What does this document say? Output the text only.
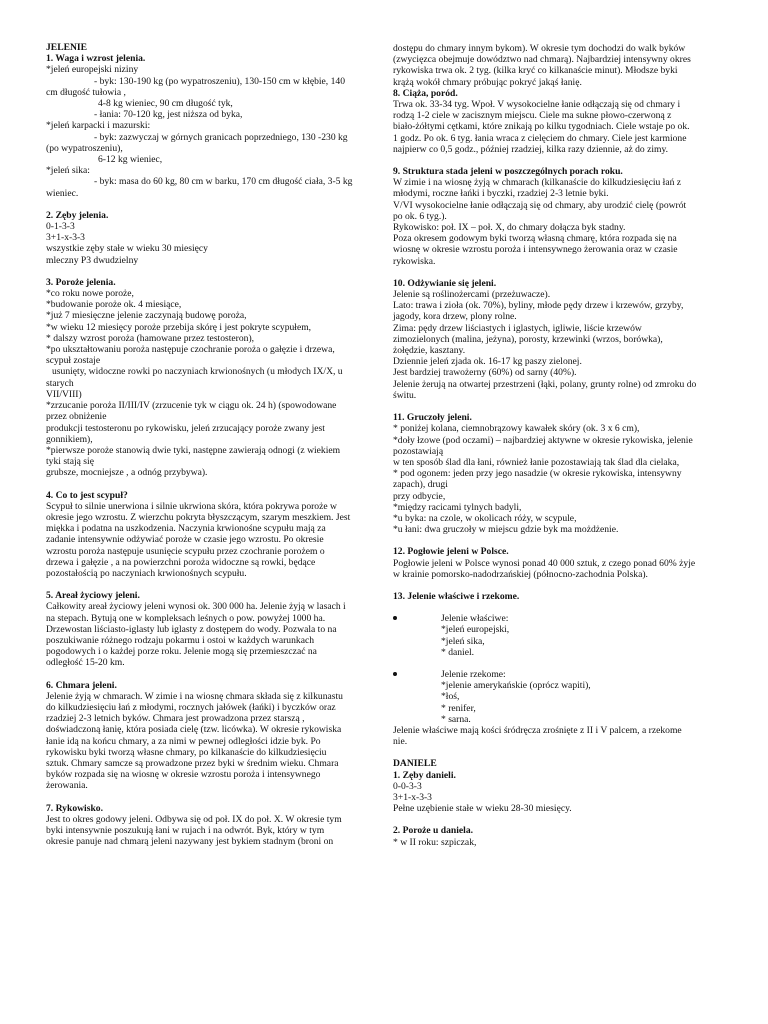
JELENIE
1. Waga i wzrost jelenia.
*jeleń europejski niziny
- byk: 130-190 kg (po wypatroszeniu), 130-150 cm w kłębie, 140
cm długość tułowia ,
4-8 kg wieniec, 90 cm długość tyk,
- łania: 70-120 kg, jest niższa od byka,
*jeleń karpacki i mazurski:
- byk: zazwyczaj w górnych granicach poprzedniego, 130 -230 kg
(po wypatroszeniu),
6-12 kg wieniec,
*jeleń sika:
- byk: masa do 60 kg, 80 cm w barku, 170 cm długość ciała, 3-5 kg
wieniec.
2. Zęby jelenia.
0-1-3-3
3+1-x-3-3
wszystkie zęby stałe w wieku 30 miesięcy
mleczny P3 dwudzielny
3. Poroże jelenia.
*co roku nowe poroże,
*budowanie poroże ok. 4 miesiące,
*już 7 miesięczne jelenie zaczynają budowę poroża,
*w wieku 12 miesięcy poroże przebija skórę i jest pokryte scypułem,
* dalszy wzrost poroża (hamowane przez testosteron),
*po ukształtowaniu poroża następuje czochranie poroża o gałęzie i drzewa,
scypuł zostaje
usunięty, widoczne rowki po naczyniach krwionośnych (u młodych IX/X, u
starych
VII/VIII)
*zrzucanie poroża II/III/IV (zrzucenie tyk w ciągu ok. 24 h) (spowodowane
przez obniżenie
produkcji testosteronu po rykowisku, jeleń zrzucający poroże zwany jest
gonnikiem),
*pierwsze poroże stanowią dwie tyki, następne zawierają odnogi (z wiekiem
tyki stają się
grubsze, mocniejsze , a odnóg przybywa).
4. Co to jest scypuł?
Scypuł to silnie unerwiona i silnie ukrwiona skóra, która pokrywa poroże w
okresie jego wzrostu. Z wierzchu pokryta błyszczącym, szarym meszkiem. Jest
miękka i podatna na uszkodzenia. Naczynia krwionośne scypułu mają za
zadanie intensywnie odżywiać poroże w czasie jego wzrostu. Po okresie
wzrostu poroża następuje usunięcie scypułu przez czochranie porożem o
drzewa i gałęzie , a na powierzchni poroża widoczne są rowki, będące
pozostałością po naczyniach krwionośnych scypułu.
5. Areał życiowy jeleni.
Całkowity areał życiowy jeleni wynosi ok. 300 000 ha. Jelenie żyją w lasach i
na stepach. Bytują one w kompleksach leśnych o pow. powyżej 1000 ha.
Drzewostan liściasto-iglasty lub iglasty z dostępem do wody. Pozwala to na
poszukiwanie różnego rodzaju pokarmu i ostoi w każdych warunkach
pogodowych i o każdej porze roku. Jelenie mogą się przemieszczać na
odległość 15-20 km.
6. Chmara jeleni.
Jelenie żyją w chmarach. W zimie i na wiosnę chmara składa się z kilkunastu
do kilkudziesięciu łań z młodymi, rocznych jałówek (łańki) i byczków oraz
rzadziej 2-3 letnich byków. Chmara jest prowadzona przez starszą ,
doświadczoną łanię, która posiada cielę (tzw. licówka). W okresie rykowiska
łanie idą na końcu chmary, a za nimi w pewnej odległości idzie byk. Po
rykowisku byki tworzą własne chmary, po kilkanaście do kilkudziesięciu
sztuk. Chmary samcze są prowadzone przez byki w średnim wieku. Chmara
byków rozpada się na wiosnę w okresie wzrostu poroża i intensywnego
żerowania.
7. Rykowisko.
Jest to okres godowy jeleni. Odbywa się od poł. IX do poł. X. W okresie tym
byki intensywnie poszukują łani w rujach i na odwrót. Byk, który w tym
okresie panuje nad chmarą jeleni nazywany jest bykiem stadnym (broni on
dostępu do chmary innym bykom). W okresie tym dochodzi do walk byków
(zwycięzca obejmuje dowództwo nad chmarą). Najbardziej intensywny okres
rykowiska trwa ok. 2 tyg. (kilka kryć co kilkanaście minut). Młodsze byki
krążą wokół chmary próbując pokryć jakąś łanię.
8. Ciąża, poród.
Trwa ok. 33-34 tyg. Wpoł. V wysokocielne łanie odłączają się od chmary i
rodzą 1-2 ciele w zacisznym miejscu. Ciele ma sukne płowo-czerwoną z
biało-żółtymi cętkami, które znikają po kilku tygodniach. Ciele wstaje po ok.
1 godz. Po ok. 6 tyg. łania wraca z cielęciem do chmary. Ciele jest karmione
najpierw co 0,5 godz., później rzadziej, kilka razy dziennie, aż do zimy.
9. Struktura stada jeleni w poszczególnych porach roku.
W zimie i na wiosnę żyją w chmarach (kilkanaście do kilkudziesięciu łań z
młodymi, roczne łańki i byczki, rzadziej 2-3 letnie byki.
V/VI wysokocielne łanie odłączają się od chmary, aby urodzić cielę (powrót
po ok. 6 tyg.).
Rykowisko: poł. IX – poł. X, do chmary dołącza byk stadny.
Poza okresem godowym byki tworzą własną chmarę, która rozpada się na
wiosnę w okresie wzrostu poroża i intensywnego żerowania oraz w czasie
rykowiska.
10. Odżywianie się jeleni.
Jelenie są roślinożercami (przeżuwacze).
Lato: trawa i zioła (ok. 70%), byliny, młode pędy drzew i krzewów, grzyby,
jagody, kora drzew, plony rolne.
Zima: pędy drzew liściastych i iglastych, igliwie, liście krzewów
zimozielonych (malina, jeżyna), porosty, krzewinki (wrzos, borówka),
żołędzie, kasztany.
Dziennie jeleń zjada ok. 16-17 kg paszy zielonej.
Jest bardziej trawożerny (60%) od sarny (40%).
Jelenie żerują na otwartej przestrzeni (łąki, polany, grunty rolne) od zmroku do
świtu.
11. Gruczoły jeleni.
* poniżej kolana, ciemnobrązowy kawałek skóry (ok. 3 x 6 cm),
*doły łzowe (pod oczami) – najbardziej aktywne w okresie rykowiska, jelenie
pozostawiają
w ten sposób ślad dla łani, również łanie pozostawiają tak ślad dla cielaka,
* pod ogonem: jeden przy jego nasadzie (w okresie rykowiska, intensywny
zapach), drugi
przy odbycie,
*między racicami tylnych badyli,
*u byka: na czole, w okolicach róży, w scypule,
*u łani: dwa gruczoły w miejscu gdzie byk ma możdżenie.
12. Pogłowie jeleni w Polsce.
Pogłowie jeleni w Polsce wynosi ponad 40 000 sztuk, z czego ponad 60% żyje
w krainie pomorsko-nadodrzańskiej (północno-zachodnia Polska).
13. Jelenie właściwe i rzekome.
Jelenie właściwe:
*jeleń europejski,
*jeleń sika,
* daniel.
Jelenie rzekome:
*jelenie amerykańskie (oprócz wapiti),
*łoś,
* renifer,
* sarna.
Jelenie właściwe mają kości śródręcza zrośnięte z II i V palcem, a rzekome
nie.
DANIELE
1. Zęby danieli.
0-0-3-3
3+1-x-3-3
Pełne uzębienie stałe w wieku 28-30 miesięcy.
2. Poroże u daniela.
* w II roku: szpiczak,
